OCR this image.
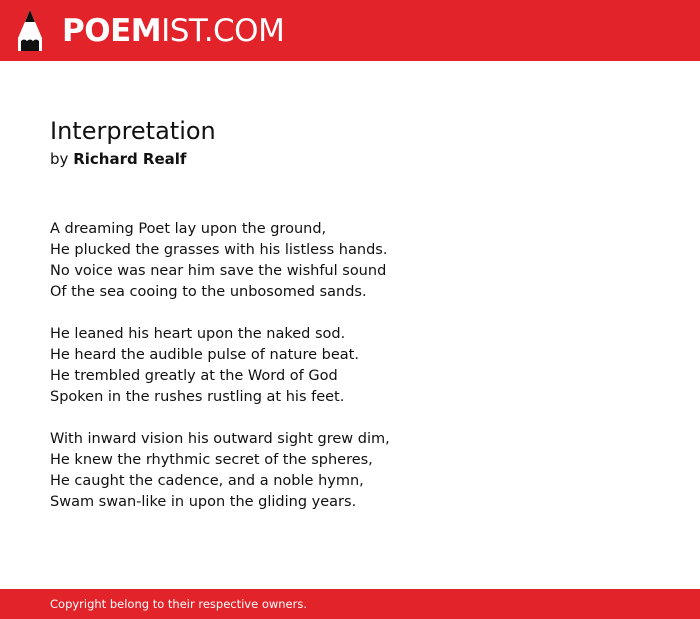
POEMIST.COM
Interpretation
by Richard Realf
A dreaming Poet lay upon the ground,
He plucked the grasses with his listless hands.
No voice was near him save the wishful sound
Of the sea cooing to the unbosomed sands.
He leaned his heart upon the naked sod.
He heard the audible pulse of nature beat.
He trembled greatly at the Word of God
Spoken in the rushes rustling at his feet.
With inward vision his outward sight grew dim,
He knew the rhythmic secret of the spheres,
He caught the cadence, and a noble hymn,
Swam swan-like in upon the gliding years.
Copyright belong to their respective owners.
